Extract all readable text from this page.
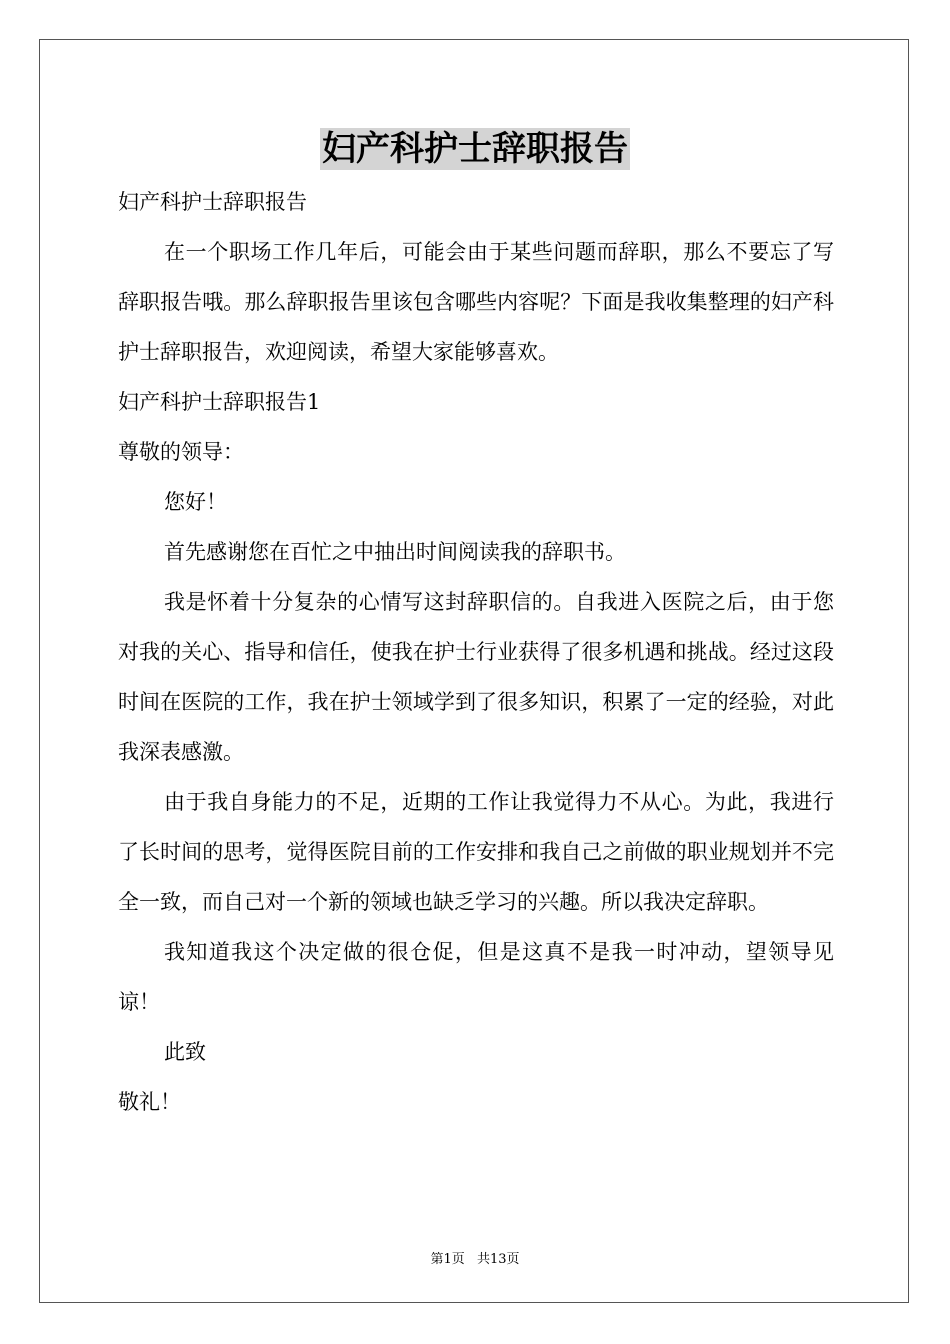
妇产科护士辞职报告

妇产科护士辞职报告

在一个职场工作几年后，可能会由于某些问题而辞职，那么不要忘了写辞职报告哦。那么辞职报告里该包含哪些内容呢？下面是我收集整理的妇产科护士辞职报告，欢迎阅读，希望大家能够喜欢。

妇产科护士辞职报告1

尊敬的领导：

您好！

首先感谢您在百忙之中抽出时间阅读我的辞职书。

我是怀着十分复杂的心情写这封辞职信的。自我进入医院之后，由于您对我的关心、指导和信任，使我在护士行业获得了很多机遇和挑战。经过这段时间在医院的工作，我在护士领域学到了很多知识，积累了一定的经验，对此我深表感激。

由于我自身能力的不足，近期的工作让我觉得力不从心。为此，我进行了长时间的思考，觉得医院目前的工作安排和我自己之前做的职业规划并不完全一致，而自己对一个新的领域也缺乏学习的兴趣。所以我决定辞职。

我知道我这个决定做的很仓促，但是这真不是我一时冲动，望领导见谅！

此致

敬礼！

第1页 共13页
